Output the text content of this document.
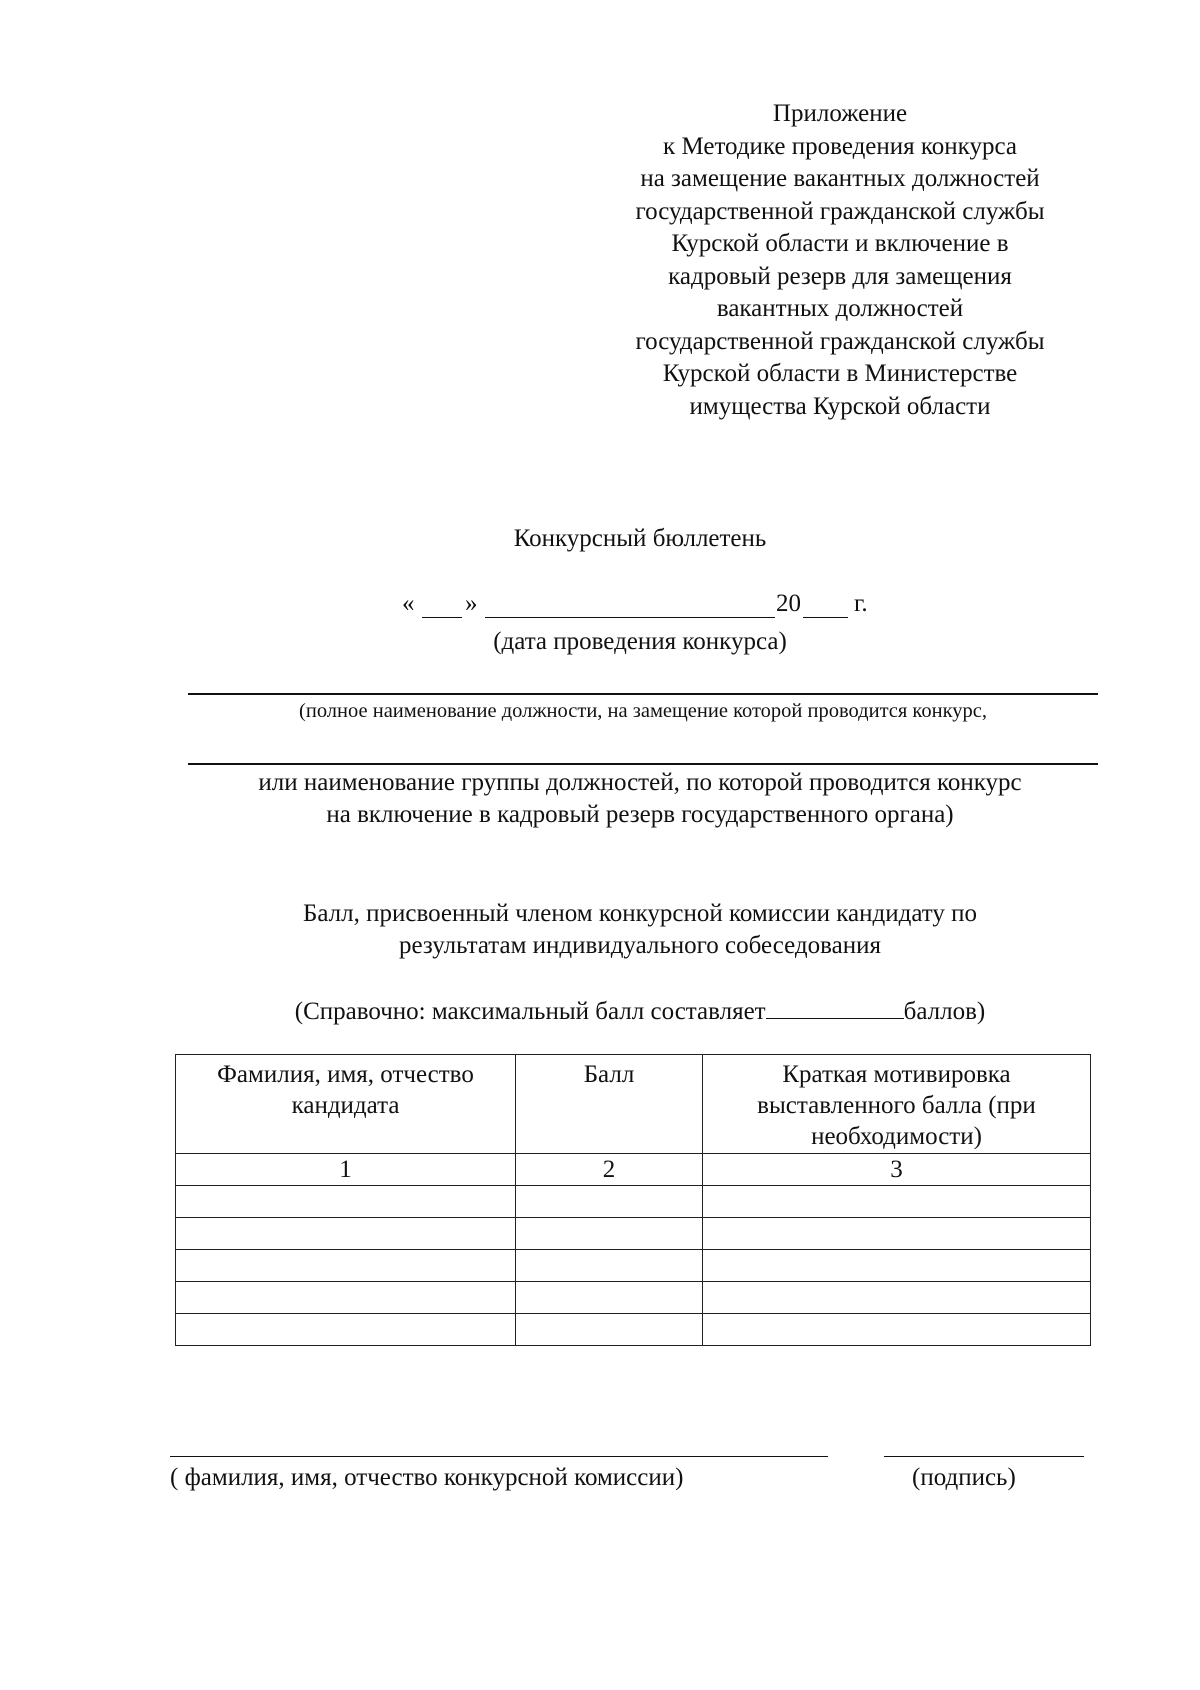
Приложение
к Методике проведения конкурса
на замещение вакантных должностей
государственной гражданской службы
Курской области и включение в
кадровый резерв для замещения
вакантных должностей
государственной гражданской службы
Курской области в Министерстве
имущества Курской области
Конкурсный бюллетень
« »	20 г.
(дата проведения конкурса)
(полное наименование должности, на замещение которой проводится конкурс,
или наименование группы должностей, по которой проводится конкурс
на включение в кадровый резерв государственного органа)
Балл, присвоенный членом конкурсной комиссии кандидату по
результатам индивидуального собеседования
(Справочно: максимальный балл составляет	баллов)
Фамилия, имя, отчество кандидата	Балл	Краткая мотивировка выставленного балла (при необходимости)
1	2	3

( фамилия, имя, отчество конкурсной комиссии)	(подпись)
